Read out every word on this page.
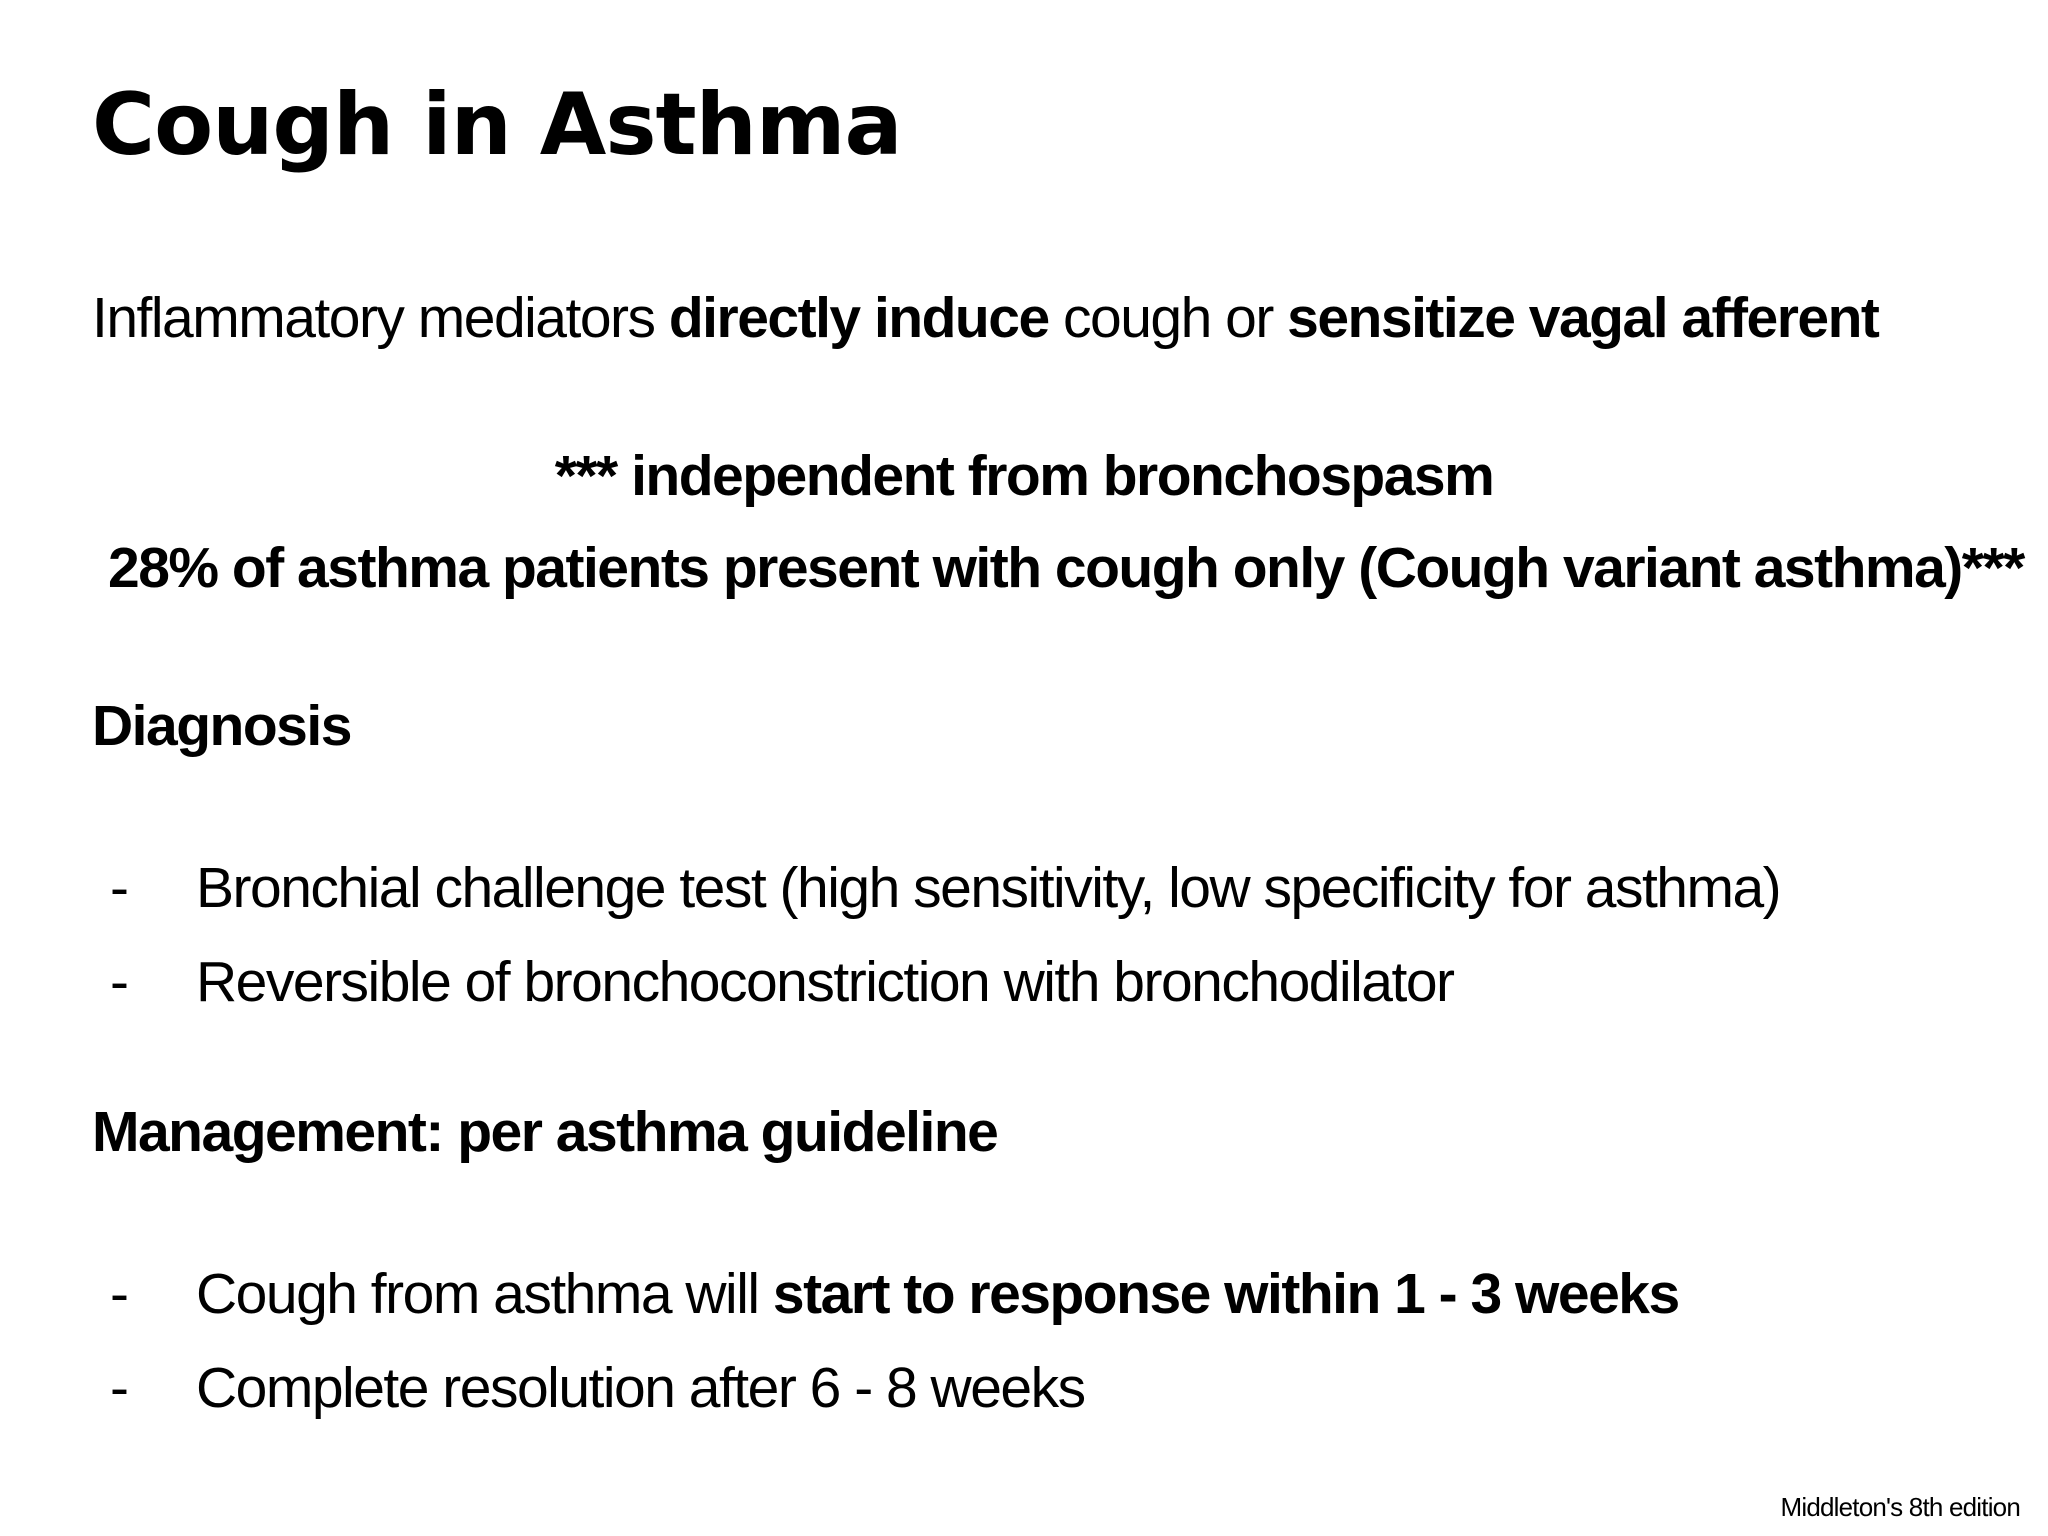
Cough in Asthma
Inflammatory mediators directly induce cough or sensitize vagal afferent
*** independent from bronchospasm
28% of asthma patients present with cough only (Cough variant asthma)***
Diagnosis
- Bronchial challenge test (high sensitivity, low specificity for asthma)
- Reversible of bronchoconstriction with bronchodilator
Management: per asthma guideline
- Cough from asthma will start to response within 1 - 3 weeks
- Complete resolution after 6 - 8 weeks
Middleton's 8th edition
